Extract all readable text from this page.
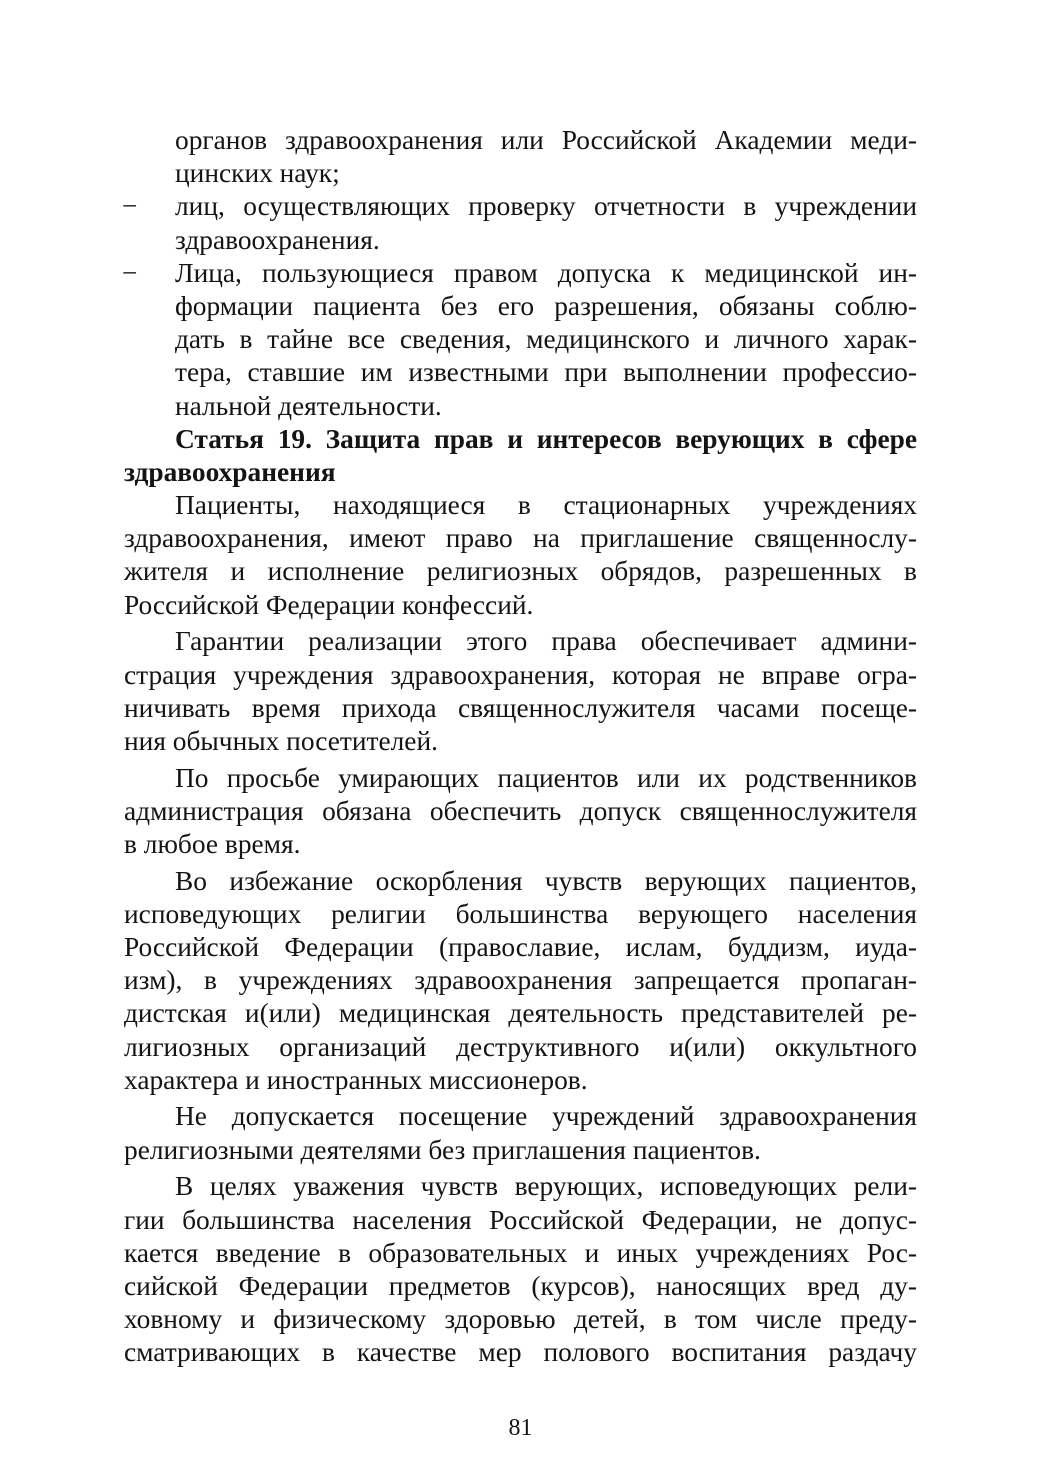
органов здравоохранения или Российской Академии меди-
цинских наук;
−	лиц, осуществляющих проверку отчетности в учреждении
здравоохранения.
−	Лица, пользующиеся правом допуска к медицинской ин-
формации пациента без его разрешения, обязаны соблю-
дать в тайне все сведения, медицинского и личного харак-
тера, ставшие им известными при выполнении профессио-
нальной деятельности.
Статья 19. Защита прав и интересов верующих в сфере
здравоохранения
Пациенты, находящиеся в стационарных учреждениях
здравоохранения, имеют право на приглашение священнослу-
жителя и исполнение религиозных обрядов, разрешенных в
Российской Федерации конфессий.
Гарантии реализации этого права обеспечивает админи-
страция учреждения здравоохранения, которая не вправе огра-
ничивать время прихода священнослужителя часами посеще-
ния обычных посетителей.
По просьбе умирающих пациентов или их родственников
администрация обязана обеспечить допуск священнослужителя
в любое время.
Во избежание оскорбления чувств верующих пациентов,
исповедующих религии большинства верующего населения
Российской Федерации (православие, ислам, буддизм, иуда-
изм), в учреждениях здравоохранения запрещается пропаган-
дистская и(или) медицинская деятельность представителей ре-
лигиозных организаций деструктивного и(или) оккультного
характера и иностранных миссионеров.
Не допускается посещение учреждений здравоохранения
религиозными деятелями без приглашения пациентов.
В целях уважения чувств верующих, исповедующих рели-
гии большинства населения Российской Федерации, не допус-
кается введение в образовательных и иных учреждениях Рос-
сийской Федерации предметов (курсов), наносящих вред ду-
ховному и физическому здоровью детей, в том числе преду-
сматривающих в качестве мер полового воспитания раздачу
81
